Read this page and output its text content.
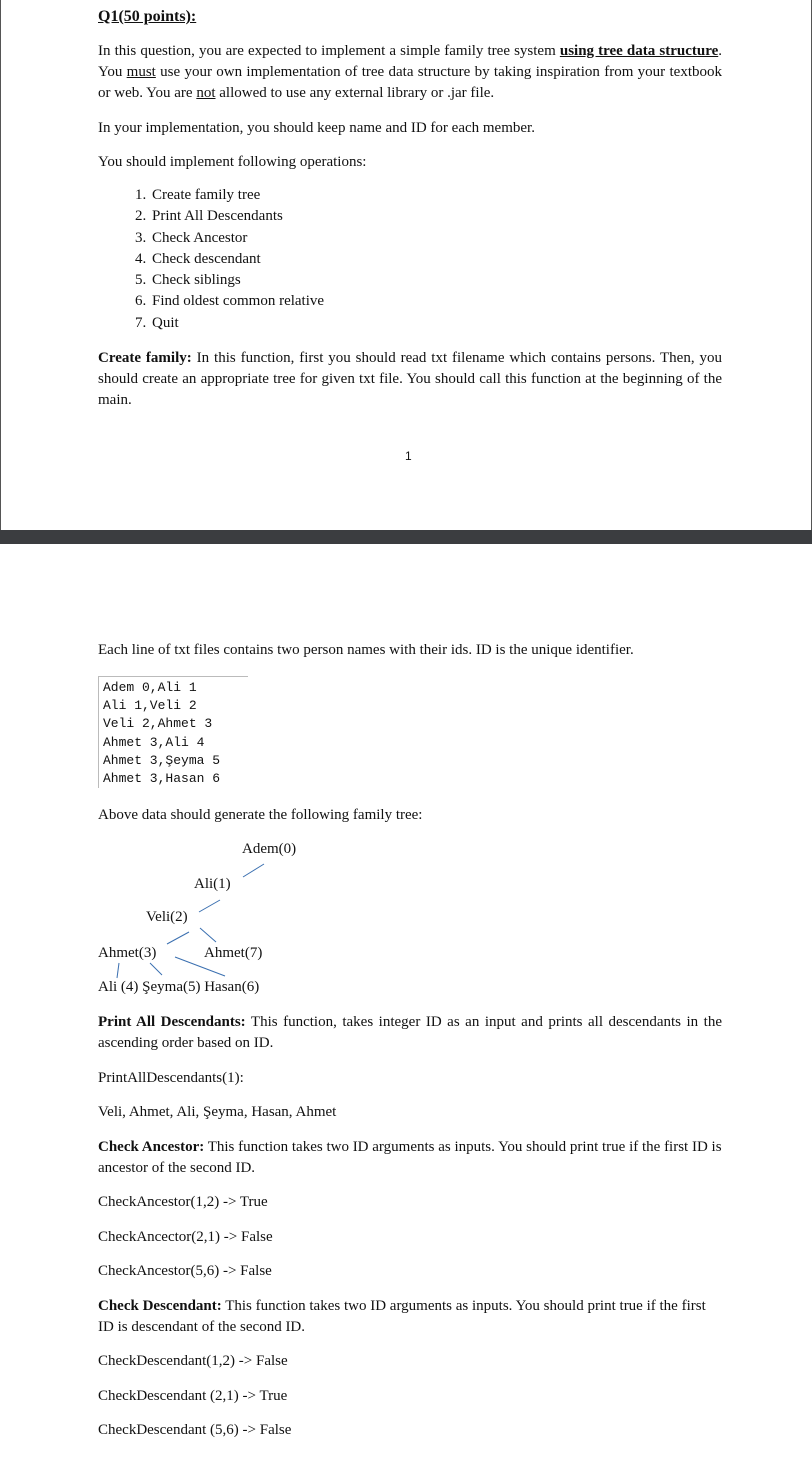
Q1(50 points):

In this question, you are expected to implement a simple family tree system using tree data structure. You must use your own implementation of tree data structure by taking inspiration from your textbook or web. You are not allowed to use any external library or .jar file.

In your implementation, you should keep name and ID for each member.

You should implement following operations:

1. Create family tree
2. Print All Descendants
3. Check Ancestor
4. Check descendant
5. Check siblings
6. Find oldest common relative
7. Quit

Create family: In this function, first you should read txt filename which contains persons. Then, you should create an appropriate tree for given txt file. You should call this function at the beginning of the main.

1

Each line of txt files contains two person names with their ids. ID is the unique identifier.

Adem 0,Ali 1
Ali 1,Veli 2
Veli 2,Ahmet 3
Ahmet 3,Ali 4
Ahmet 3,Şeyma 5
Ahmet 3,Hasan 6

Above data should generate the following family tree:

Adem(0)
Ali(1)
Veli(2)
Ahmet(3)	Ahmet(7)
Ali (4) Şeyma(5) Hasan(6)

Print All Descendants: This function, takes integer ID as an input and prints all descendants in the ascending order based on ID.

PrintAllDescendants(1):

Veli, Ahmet, Ali, Şeyma, Hasan, Ahmet

Check Ancestor: This function takes two ID arguments as inputs. You should print true if the first ID is ancestor of the second ID.

CheckAncestor(1,2) -> True

CheckAncector(2,1) -> False

CheckAncestor(5,6) -> False

Check Descendant: This function takes two ID arguments as inputs. You should print true if the first ID is descendant of the second ID.

CheckDescendant(1,2) -> False

CheckDescendant (2,1) -> True

CheckDescendant (5,6) -> False
